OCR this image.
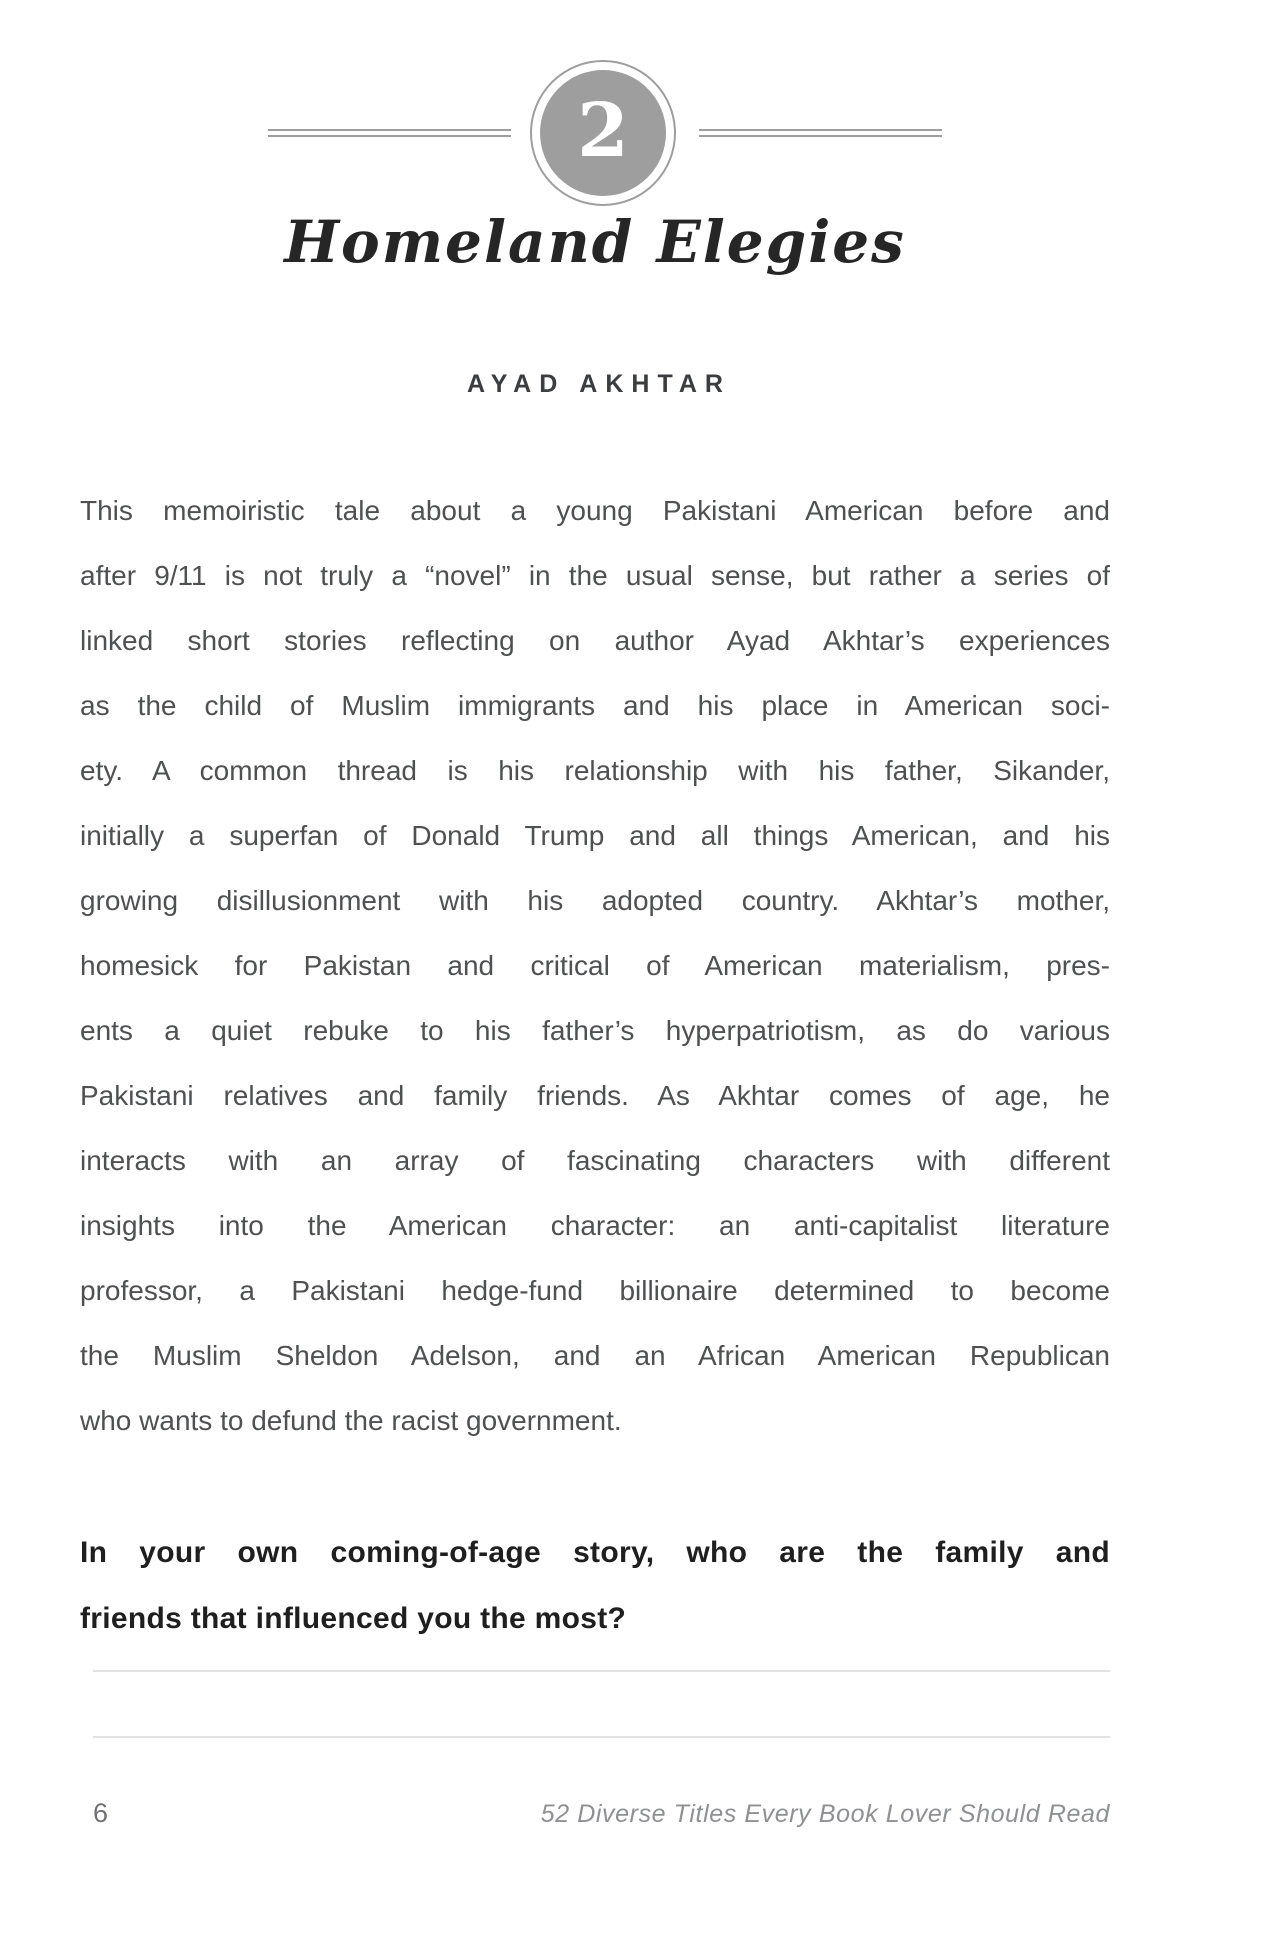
2
Homeland Elegies
AYAD AKHTAR
This memoiristic tale about a young Pakistani American before and
after 9/11 is not truly a “novel” in the usual sense, but rather a series of
linked short stories reflecting on author Ayad Akhtar’s experiences
as the child of Muslim immigrants and his place in American soci-
ety. A common thread is his relationship with his father, Sikander,
initially a superfan of Donald Trump and all things American, and his
growing disillusionment with his adopted country. Akhtar’s mother,
homesick for Pakistan and critical of American materialism, pres-
ents a quiet rebuke to his father’s hyperpatriotism, as do various
Pakistani relatives and family friends. As Akhtar comes of age, he
interacts with an array of fascinating characters with different
insights into the American character: an anti-capitalist literature
professor, a Pakistani hedge-fund billionaire determined to become
the Muslim Sheldon Adelson, and an African American Republican
who wants to defund the racist government.
In your own coming-of-age story, who are the family and
friends that influenced you the most?
6	52 Diverse Titles Every Book Lover Should Read
